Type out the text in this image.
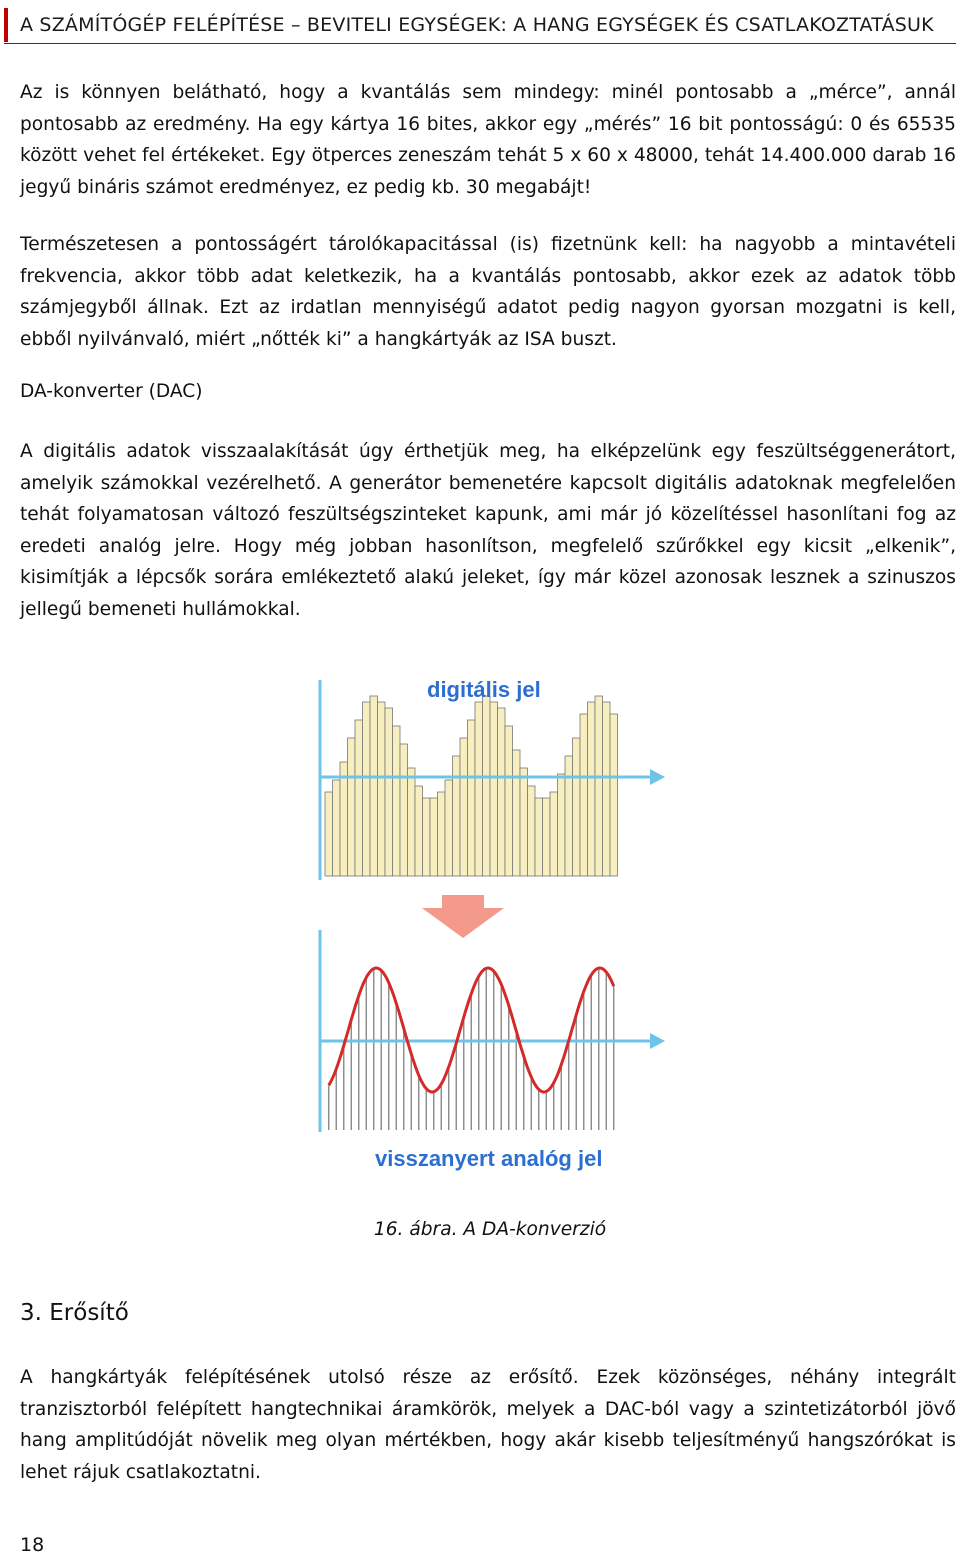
A SZÁMÍTÓGÉP FELÉPÍTÉSE – BEVITELI EGYSÉGEK: A HANG EGYSÉGEK ÉS CSATLAKOZTATÁSUK

Az is könnyen belátható, hogy a kvantálás sem mindegy: minél pontosabb a „mérce”, annál pontosabb az eredmény. Ha egy kártya 16 bites, akkor egy „mérés” 16 bit pontosságú: 0 és 65535 között vehet fel értékeket. Egy ötperces zeneszám tehát 5 x 60 x 48000, tehát 14.400.000 darab 16 jegyű bináris számot eredményez, ez pedig kb. 30 megabájt!

Természetesen a pontosságért tárolókapacitással (is) fizetnünk kell: ha nagyobb a mintavételi frekvencia, akkor több adat keletkezik, ha a kvantálás pontosabb, akkor ezek az adatok több számjegyből állnak. Ezt az irdatlan mennyiségű adatot pedig nagyon gyorsan mozgatni is kell, ebből nyilvánvaló, miért „nőtték ki” a hangkártyák az ISA buszt.

DA-konverter (DAC)

A digitális adatok visszaalakítását úgy érthetjük meg, ha elképzelünk egy feszültséggenerátort, amelyik számokkal vezérelhető. A generátor bemenetére kapcsolt digitális adatoknak megfelelően tehát folyamatosan változó feszültségszinteket kapunk, ami már jó közelítéssel hasonlítani fog az eredeti analóg jelre. Hogy még jobban hasonlítson, megfelelő szűrőkkel egy kicsit „elkenik”, kisimítják a lépcsők sorára emlékeztető alakú jeleket, így már közel azonosak lesznek a szinuszos jellegű bemeneti hullámokkal.

digitális jel
visszanyert analóg jel
16. ábra. A DA-konverzió
3. Erősítő

A hangkártyák felépítésének utolsó része az erősítő. Ezek közönséges, néhány integrált tranzisztorból felépített hangtechnikai áramkörök, melyek a DAC-ból vagy a szintetizátorból jövő hang amplitúdóját növelik meg olyan mértékben, hogy akár kisebb teljesítményű hangszórókat is lehet rájuk csatlakoztatni.

18
